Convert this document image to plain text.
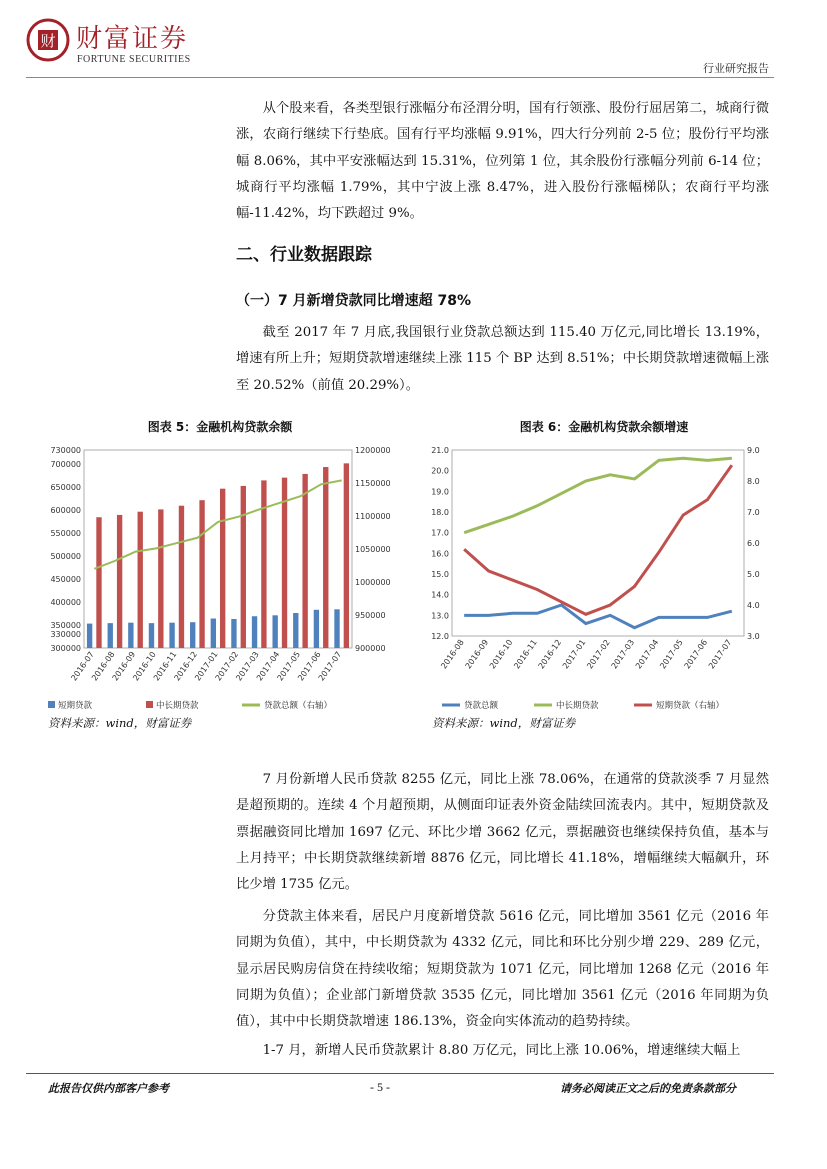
财 财富证券
FORTUNE SECURITIES
行业研究报告

从个股来看，各类型银行涨幅分布泾渭分明，国有行领涨、股份行屈居第二，城商行微涨，农商行继续下行垫底。国有行平均涨幅 9.91%，四大行分列前 2-5 位；股份行平均涨幅 8.06%，其中平安涨幅达到 15.31%，位列第 1 位，其余股份行涨幅分列前 6-14 位；城商行平均涨幅 1.79%，其中宁波上涨 8.47%，进入股份行涨幅梯队；农商行平均涨幅-11.42%，均下跌超过 9%。

二、行业数据跟踪
（一）7 月新增贷款同比增速超 78%

截至 2017 年 7 月底,我国银行业贷款总额达到 115.40 万亿元,同比增长 13.19%，增速有所上升；短期贷款增速继续上涨 115 个 BP 达到 8.51%；中长期贷款增速微幅上涨至 20.52%（前值 20.29%）。

图表 5：金融机构贷款余额	图表 6：金融机构贷款余额增速
300000
330000
350000
400000
450000
500000
550000
600000
650000
700000
730000
900000
950000
1000000
1050000
1100000
1150000
1200000
2016-07
2016-08
2016-09
2016-10
2016-11
2016-12
2017-01
2017-02
2017-03
2017-04
2017-05
2017-06
2017-07
短期贷款	中长期贷款	贷款总额（右轴）
12.0
13.0
14.0
15.0
16.0
17.0
18.0
19.0
20.0
21.0
3.0
4.0
5.0
6.0
7.0
8.0
9.0
2016-08
2016-09
2016-10
2016-11
2016-12
2017-01
2017-02
2017-03
2017-04
2017-05
2017-06
2017-07
贷款总额	中长期贷款	短期贷款（右轴）
资料来源：wind，财富证券	资料来源：wind，财富证券

7 月份新增人民币贷款 8255 亿元，同比上涨 78.06%，在通常的贷款淡季 7 月显然是超预期的。连续 4 个月超预期，从侧面印证表外资金陆续回流表内。其中，短期贷款及票据融资同比增加 1697 亿元、环比少增 3662 亿元，票据融资也继续保持负值，基本与上月持平；中长期贷款继续新增 8876 亿元，同比增长 41.18%，增幅继续大幅飙升，环比少增 1735 亿元。

分贷款主体来看，居民户月度新增贷款 5616 亿元，同比增加 3561 亿元（2016 年同期为负值），其中，中长期贷款为 4332 亿元，同比和环比分别少增 229、289 亿元，显示居民购房信贷在持续收缩；短期贷款为 1071 亿元，同比增加 1268 亿元（2016 年同期为负值）；企业部门新增贷款 3535 亿元，同比增加 3561 亿元（2016 年同期为负值），其中中长期贷款增速 186.13%，资金向实体流动的趋势持续。

1-7 月，新增人民币贷款累计 8.80 万亿元，同比上涨 10.06%，增速继续大幅上

此报告仅供内部客户参考	- 5 -	请务必阅读正文之后的免责条款部分
